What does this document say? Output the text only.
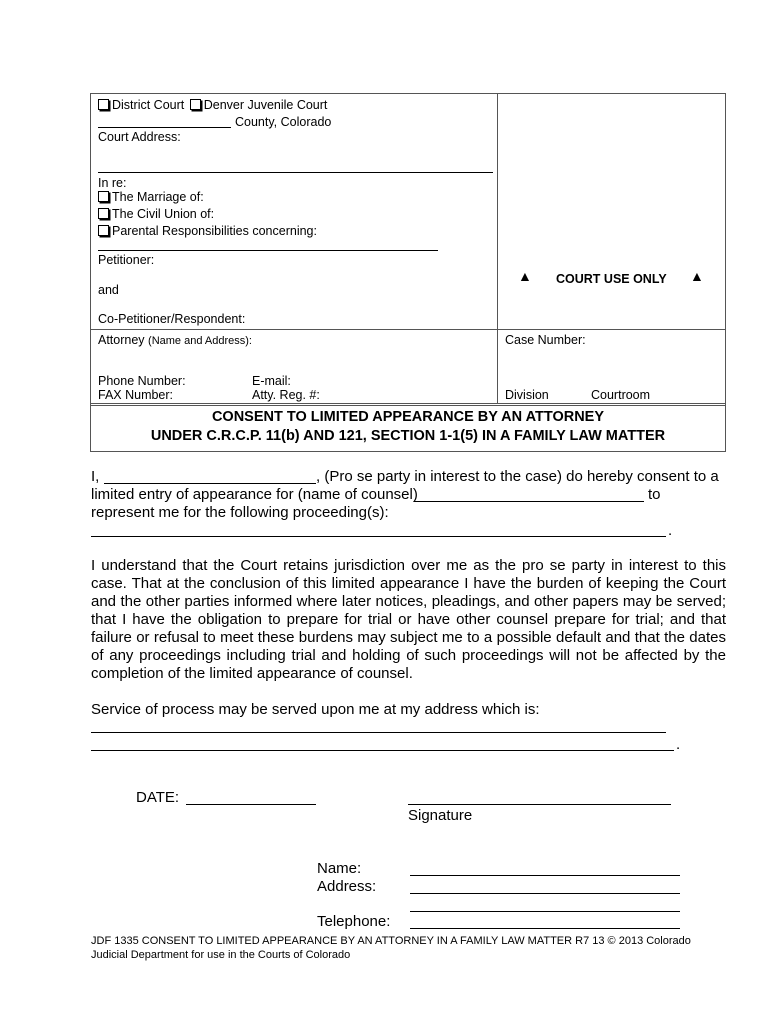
District Court Denver Juvenile Court
County, Colorado
Court Address:
In re:
The Marriage of:
The Civil Union of:
Parental Responsibilities concerning:
Petitioner:
and
Co-Petitioner/Respondent:
▲ COURT USE ONLY ▲
Attorney (Name and Address):	Case Number:
Phone Number:	E-mail:
FAX Number:	Atty. Reg. #:	Division	Courtroom
CONSENT TO LIMITED APPEARANCE BY AN ATTORNEY
UNDER C.R.C.P. 11(b) AND 121, SECTION 1-1(5) IN A FAMILY LAW MATTER
I,	, (Pro se party in interest to the case) do hereby consent to a
limited entry of appearance for (name of counsel)	to
represent me for the following proceeding(s):
.
I understand that the Court retains jurisdiction over me as the pro se party in interest to this case. That at the conclusion of this limited appearance I have the burden of keeping the Court and the other parties informed where later notices, pleadings, and other papers may be served; that I have the obligation to prepare for trial or have other counsel prepare for trial; and that failure or refusal to meet these burdens may subject me to a possible default and that the dates of any proceedings including trial and holding of such proceedings will not be affected by the completion of the limited appearance of counsel.
Service of process may be served upon me at my address which is:
.
DATE:
Signature
Name:
Address:
Telephone:
JDF 1335 CONSENT TO LIMITED APPEARANCE BY AN ATTORNEY IN A FAMILY LAW MATTER R7 13 © 2013 Colorado
Judicial Department for use in the Courts of Colorado
